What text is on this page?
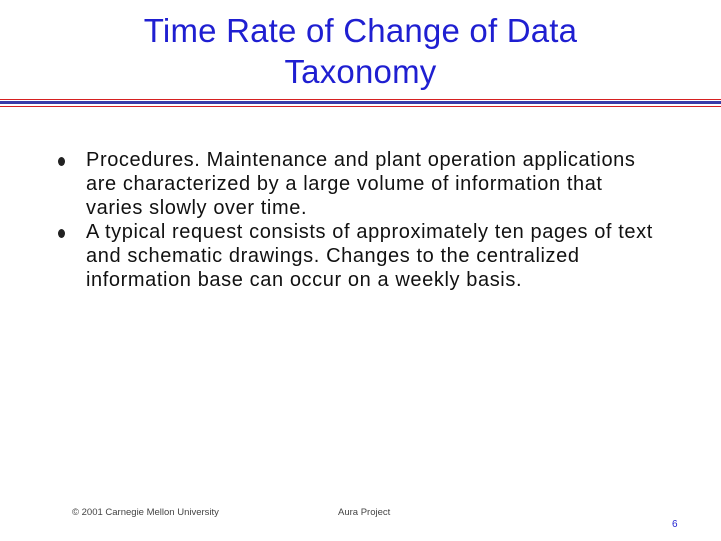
Time Rate of Change of Data
Taxonomy
Procedures. Maintenance and plant operation applications are characterized by a large volume of information that varies slowly over time.
A typical request consists of approximately ten pages of text and schematic drawings. Changes to the centralized information base can occur on a weekly basis.
© 2001 Carnegie Mellon University	Aura Project
6
